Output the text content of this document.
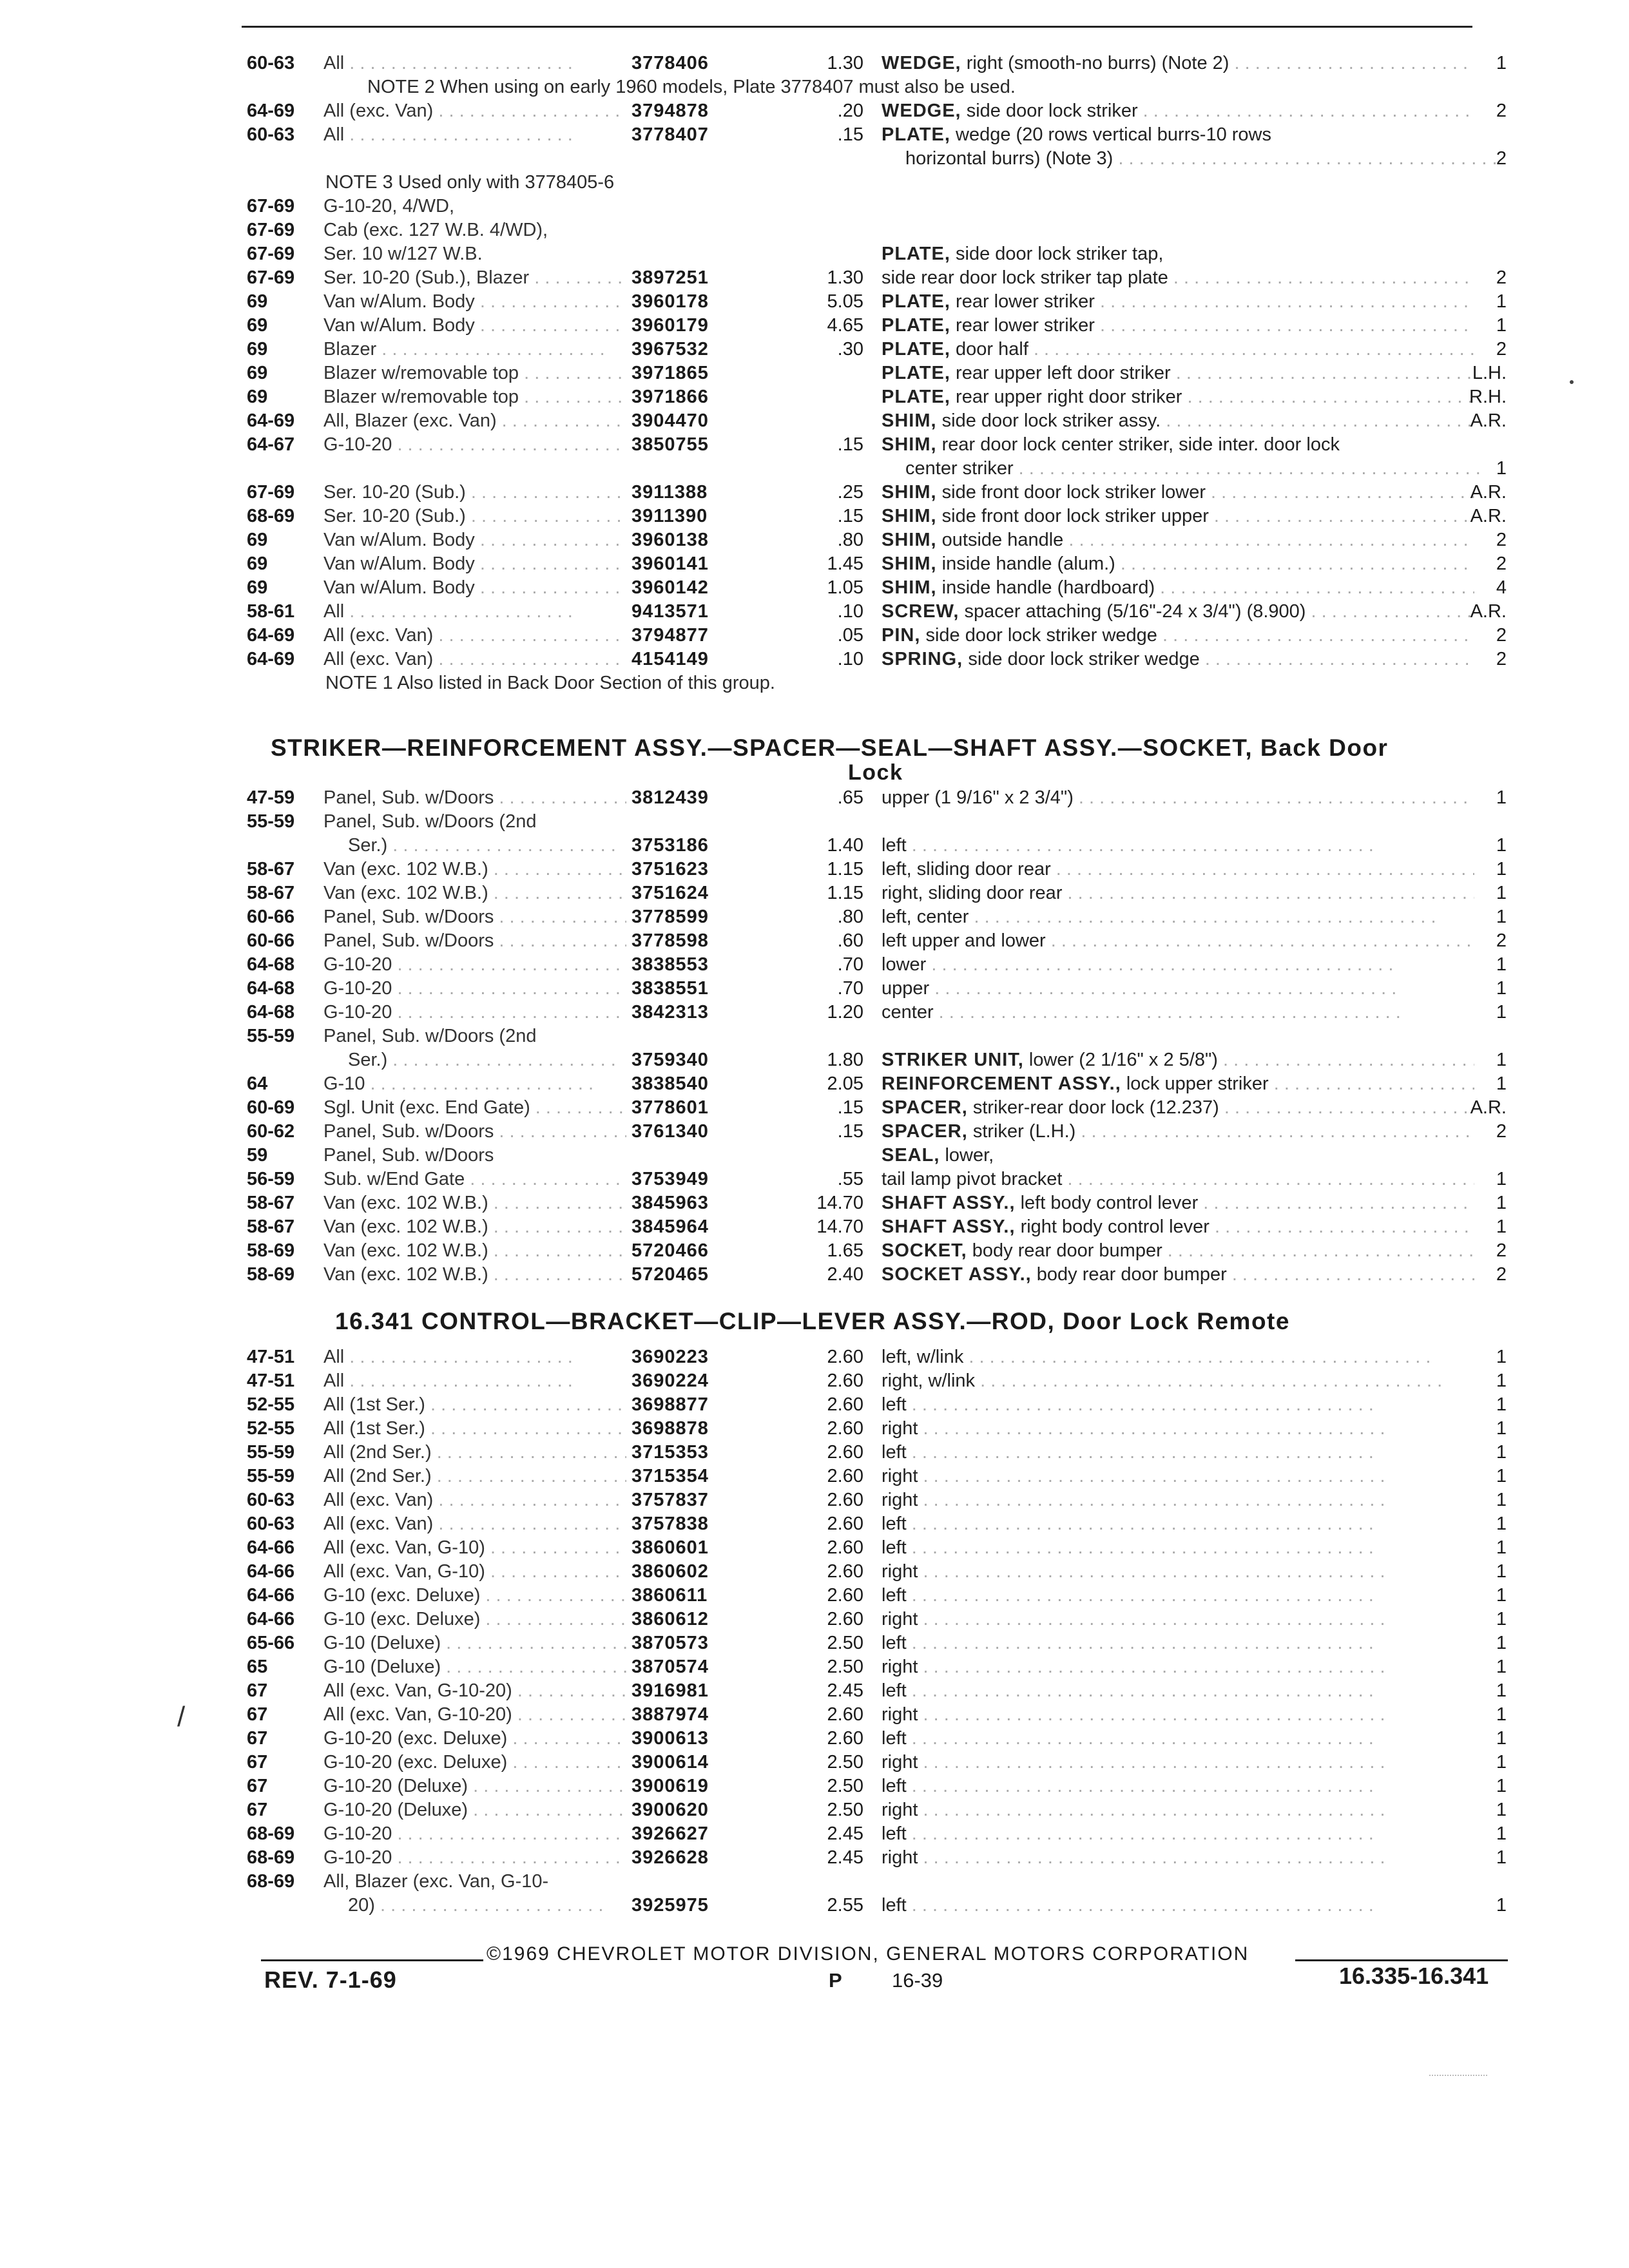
60-63 All . . .	3778406	1.30 WEDGE, right (smooth-no burrs) (Note 2) . . .	1
NOTE 2 When using on early 1960 models, Plate 3778407 must also be used.
64-69 All (exc. Van) . . .	3794878	.20 WEDGE, side door lock striker . . .	2
60-63 All . . .	3778407	.15 PLATE, wedge (20 rows vertical burrs-10 rows
horizontal burrs) (Note 3) . . .	2
NOTE 3 Used only with 3778405-6
67-69 G-10-20, 4/WD,
67-69 Cab (exc. 127 W.B. 4/WD),
67-69 Ser. 10 w/127 W.B.	PLATE, side door lock striker tap,
67-69 Ser. 10-20 (Sub.), Blazer . . .	3897251	1.30 side rear door lock striker tap plate . . .	2
69	Van w/Alum. Body . . .	3960178	5.05 PLATE, rear lower striker . . .	1
69	Van w/Alum. Body . . .	3960179	4.65 PLATE, rear lower striker . . .	1
69	Blazer . . .	3967532	.30 PLATE, door half . . .	2
69	Blazer w/removable top . . .	3971865	PLATE, rear upper left door striker . . .	L.H.
69	Blazer w/removable top . . .	3971866	PLATE, rear upper right door striker . . .	R.H.
64-69 All, Blazer (exc. Van) . . .	3904470	SHIM, side door lock striker assy. . . .	A.R.
64-67 G-10-20 . . .	3850755	.15 SHIM, rear door lock center striker, side inter. door lock
center striker . . .	1
67-69 Ser. 10-20 (Sub.) . . .	3911388	.25 SHIM, side front door lock striker lower . . .	A.R.
68-69 Ser. 10-20 (Sub.) . . .	3911390	.15 SHIM, side front door lock striker upper . . .	A.R.
69	Van w/Alum. Body . . .	3960138	.80 SHIM, outside handle . . .	2
69	Van w/Alum. Body . . .	3960141	1.45 SHIM, inside handle (alum.) . . .	2
69	Van w/Alum. Body . . .	3960142	1.05 SHIM, inside handle (hardboard) . . .	4
58-61 All . . .	9413571	.10 SCREW, spacer attaching (5/16"-24 x 3/4") (8.900) . . .	A.R.
64-69 All (exc. Van) . . .	3794877	.05 PIN, side door lock striker wedge . . .	2
64-69 All (exc. Van) . . .	4154149	.10 SPRING, side door lock striker wedge . . .	2
NOTE 1 Also listed in Back Door Section of this group.
STRIKER—REINFORCEMENT ASSY.—SPACER—SEAL—SHAFT ASSY.—SOCKET, Back Door
Lock
47-59 Panel, Sub. w/Doors . . .	3812439	.65 upper (1 9/16" x 2 3/4") . . .	1
55-59 Panel, Sub. w/Doors (2nd
Ser.) . . .	3753186	1.40 left . . .	1
58-67 Van (exc. 102 W.B.) . . .	3751623	1.15 left, sliding door rear . . .	1
58-67 Van (exc. 102 W.B.) . . .	3751624	1.15 right, sliding door rear . . .	1
60-66 Panel, Sub. w/Doors . . .	3778599	.80 left, center . . .	1
60-66 Panel, Sub. w/Doors . . .	3778598	.60 left upper and lower . . .	2
64-68 G-10-20 . . .	3838553	.70 lower . . .	1
64-68 G-10-20 . . .	3838551	.70 upper . . .	1
64-68 G-10-20 . . .	3842313	1.20 center . . .	1
55-59 Panel, Sub. w/Doors (2nd
Ser.) . . .	3759340	1.80 STRIKER UNIT, lower (2 1/16" x 2 5/8") . . .	1
64	G-10 . . .	3838540	2.05 REINFORCEMENT ASSY., lock upper striker . . .	1
60-69 Sgl. Unit (exc. End Gate) . . .	3778601	.15 SPACER, striker-rear door lock (12.237) . . .	A.R.
60-62 Panel, Sub. w/Doors . . .	3761340	.15 SPACER, striker (L.H.) . . .	2
59	Panel, Sub. w/Doors	SEAL, lower,
56-59 Sub. w/End Gate . . .	3753949	.55 tail lamp pivot bracket . . .	1
58-67 Van (exc. 102 W.B.) . . .	3845963	14.70 SHAFT ASSY., left body control lever . . .	1
58-67 Van (exc. 102 W.B.) . . .	3845964	14.70 SHAFT ASSY., right body control lever . . .	1
58-69 Van (exc. 102 W.B.) . . .	5720466	1.65 SOCKET, body rear door bumper . . .	2
58-69 Van (exc. 102 W.B.) . . .	5720465	2.40 SOCKET ASSY., body rear door bumper . . .	2
16.341 CONTROL—BRACKET—CLIP—LEVER ASSY.—ROD, Door Lock Remote
47-51 All . . .	3690223	2.60 left, w/link . . .	1
47-51 All . . .	3690224	2.60 right, w/link . . .	1
52-55 All (1st Ser.) . . .	3698877	2.60 left . . .	1
52-55 All (1st Ser.) . . .	3698878	2.60 right . . .	1
55-59 All (2nd Ser.) . . .	3715353	2.60 left . . .	1
55-59 All (2nd Ser.) . . .	3715354	2.60 right . . .	1
60-63 All (exc. Van) . . .	3757837	2.60 right . . .	1
60-63 All (exc. Van) . . .	3757838	2.60 left . . .	1
64-66 All (exc. Van, G-10) . . .	3860601	2.60 left . . .	1
64-66 All (exc. Van, G-10) . . .	3860602	2.60 right . . .	1
64-66 G-10 (exc. Deluxe) . . .	3860611	2.60 left . . .	1
64-66 G-10 (exc. Deluxe) . . .	3860612	2.60 right . . .	1
65-66 G-10 (Deluxe) . . .	3870573	2.50 left . . .	1
65	G-10 (Deluxe) . . .	3870574	2.50 right . . .	1
67	All (exc. Van, G-10-20) . . .	3916981	2.45 left . . .	1
67	All (exc. Van, G-10-20) . . .	3887974	2.60 right . . .	1
67	G-10-20 (exc. Deluxe) . . .	3900613	2.60 left . . .	1
67	G-10-20 (exc. Deluxe) . . .	3900614	2.50 right . . .	1
67	G-10-20 (Deluxe) . . .	3900619	2.50 left . . .	1
67	G-10-20 (Deluxe) . . .	3900620	2.50 right . . .	1
68-69 G-10-20 . . .	3926627	2.45 left . . .	1
68-69 G-10-20 . . .	3926628	2.45 right . . .	1
68-69 All, Blazer (exc. Van, G-10-
20) . . .	3925975	2.55 left . . .	1
©1969 CHEVROLET MOTOR DIVISION, GENERAL MOTORS CORPORATION
REV. 7-1-69	P 16-39	16.335-16.341
/
